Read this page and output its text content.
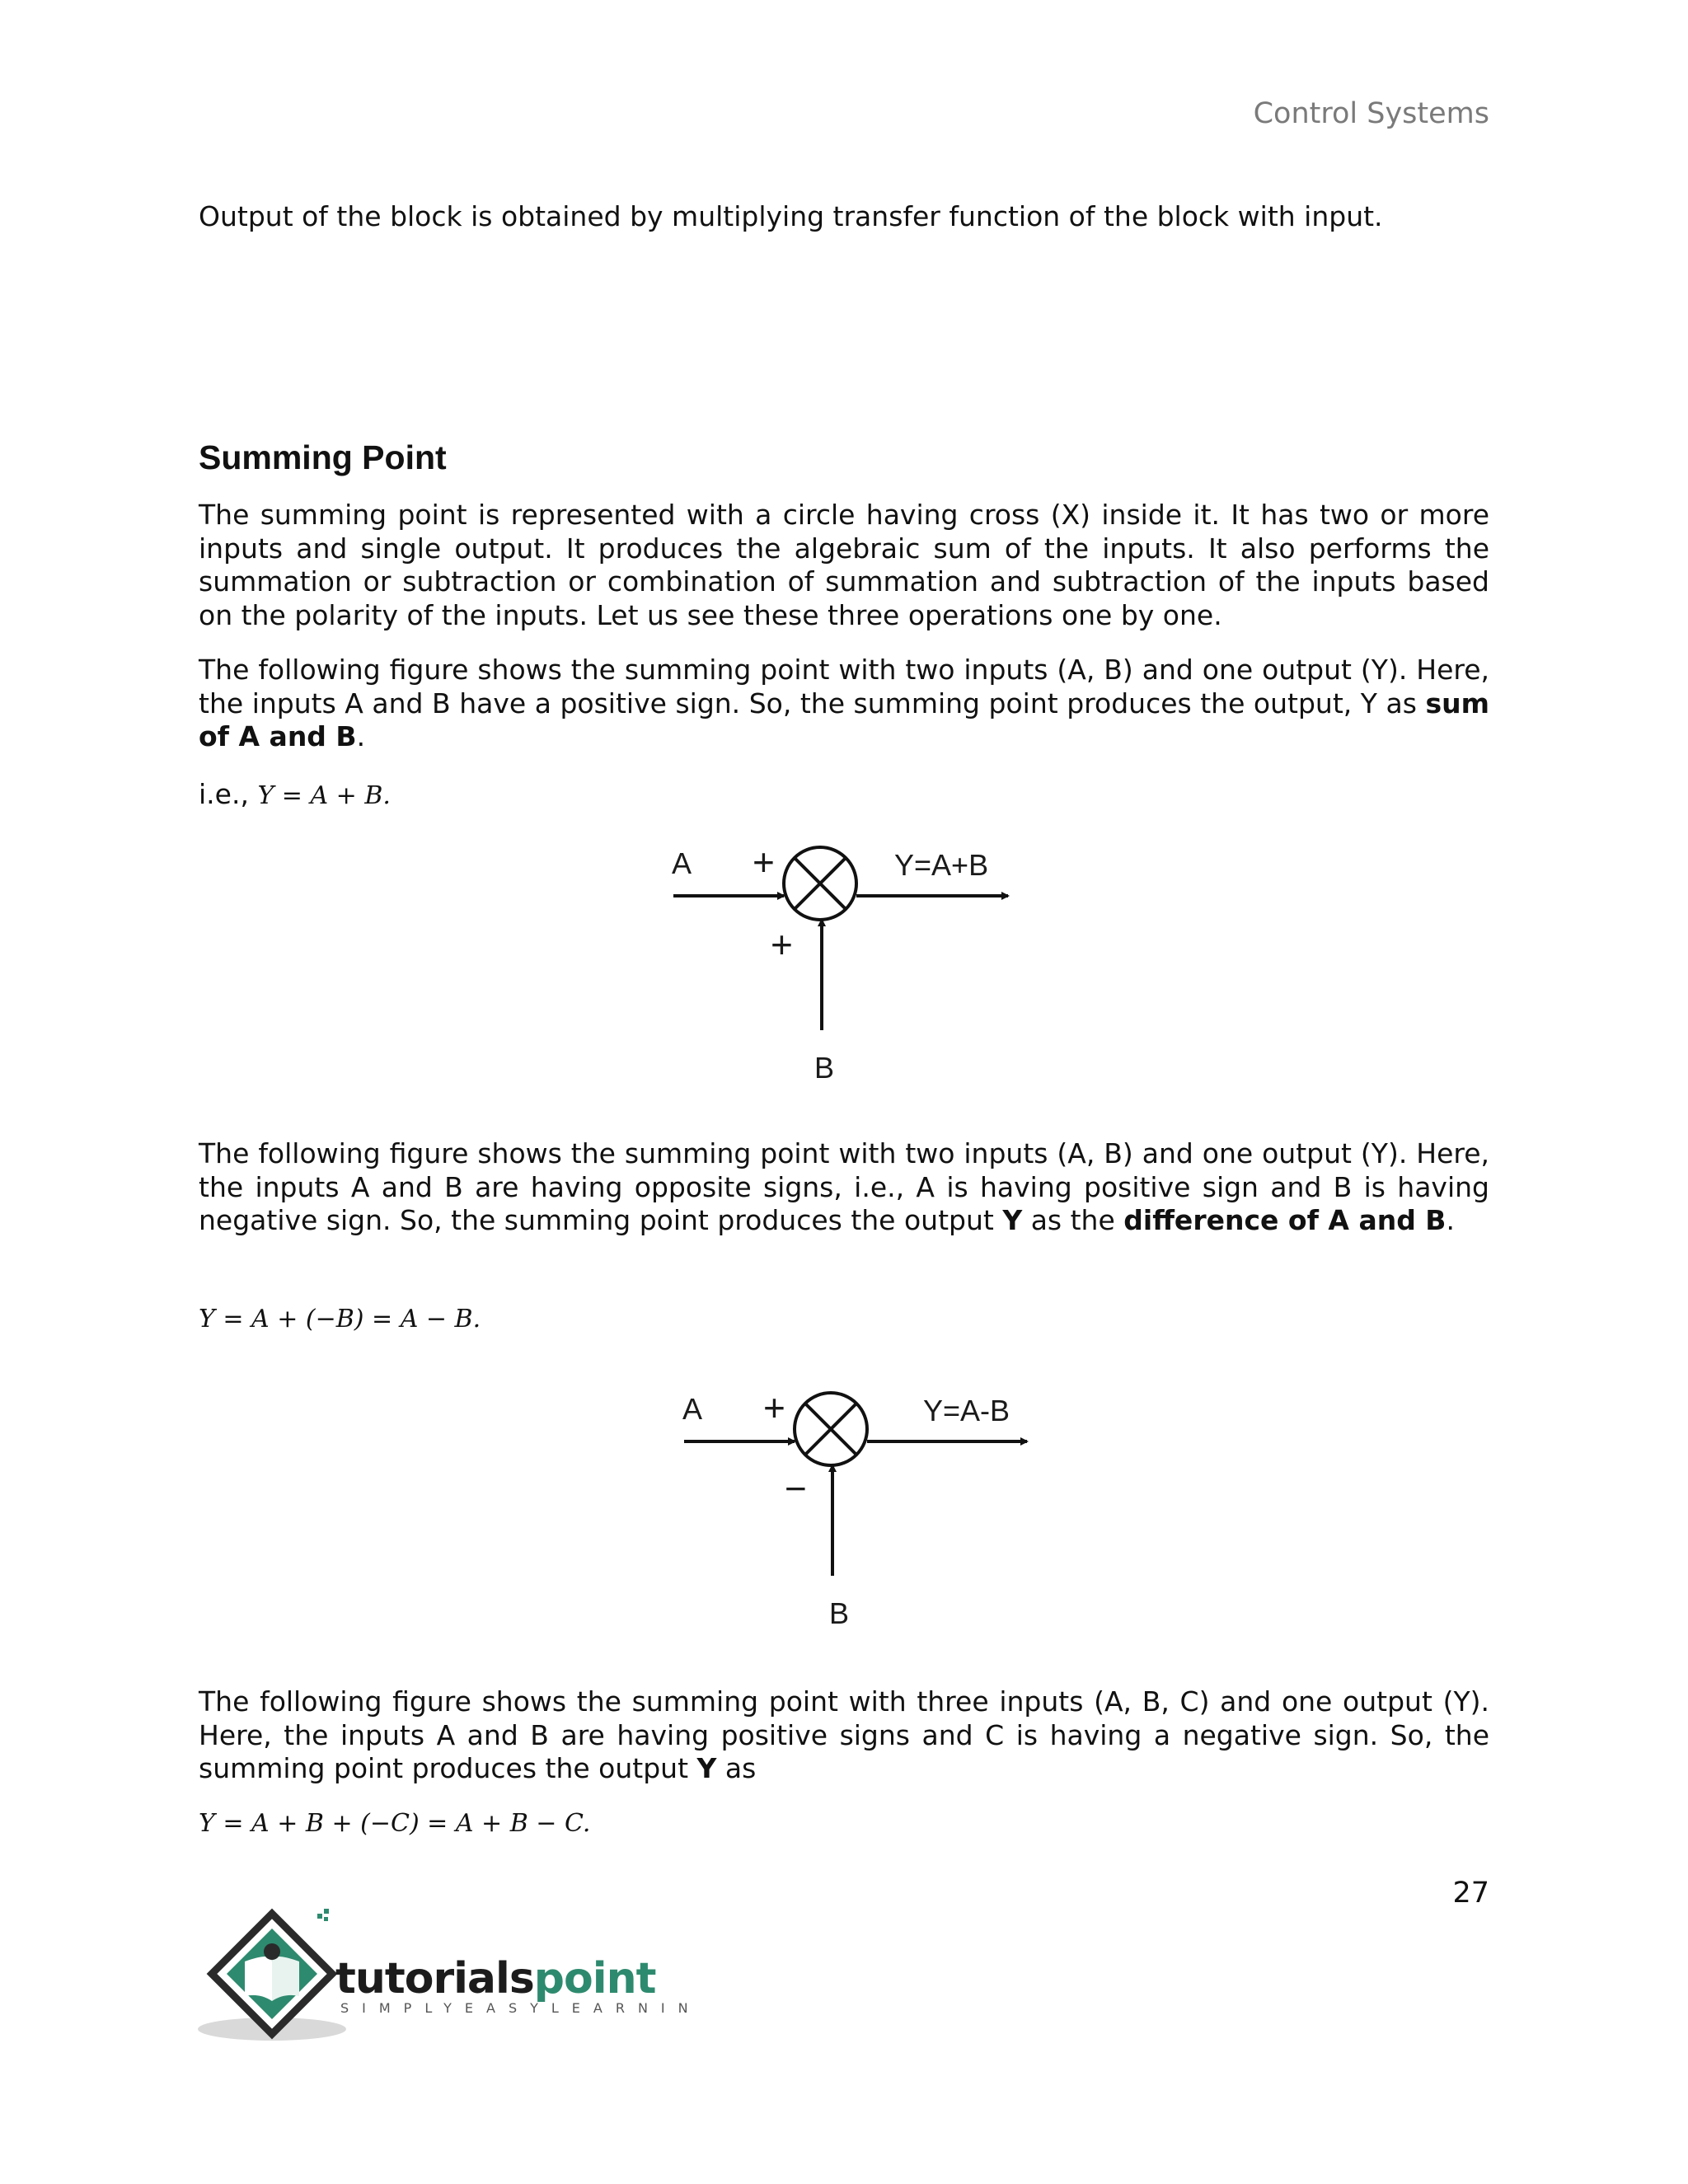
Control Systems

Output of the block is obtained by multiplying transfer function of the block with input.

Summing Point

The summing point is represented with a circle having cross (X) inside it. It has two or more inputs and single output. It produces the algebraic sum of the inputs. It also performs the summation or subtraction or combination of summation and subtraction of the inputs based on the polarity of the inputs. Let us see these three operations one by one.

The following figure shows the summing point with two inputs (A, B) and one output (Y). Here, the inputs A and B have a positive sign. So, the summing point produces the output, Y as sum of A and B.

i.e., Y = A + B.
A +
+
B
Y=A+B

The following figure shows the summing point with two inputs (A, B) and one output (Y). Here, the inputs A and B are having opposite signs, i.e., A is having positive sign and B is having negative sign. So, the summing point produces the output Y as the difference of A and B.

Y = A + (−B) = A − B.
A +
−
B
Y=A-B

The following figure shows the summing point with three inputs (A, B, C) and one output (Y). Here, the inputs A and B are having positive signs and C is having a negative sign. So, the summing point produces the output Y as

Y = A + B + (−C) = A + B − C.
27
tutorialspoint
SIMPLYEASYLEARNING
